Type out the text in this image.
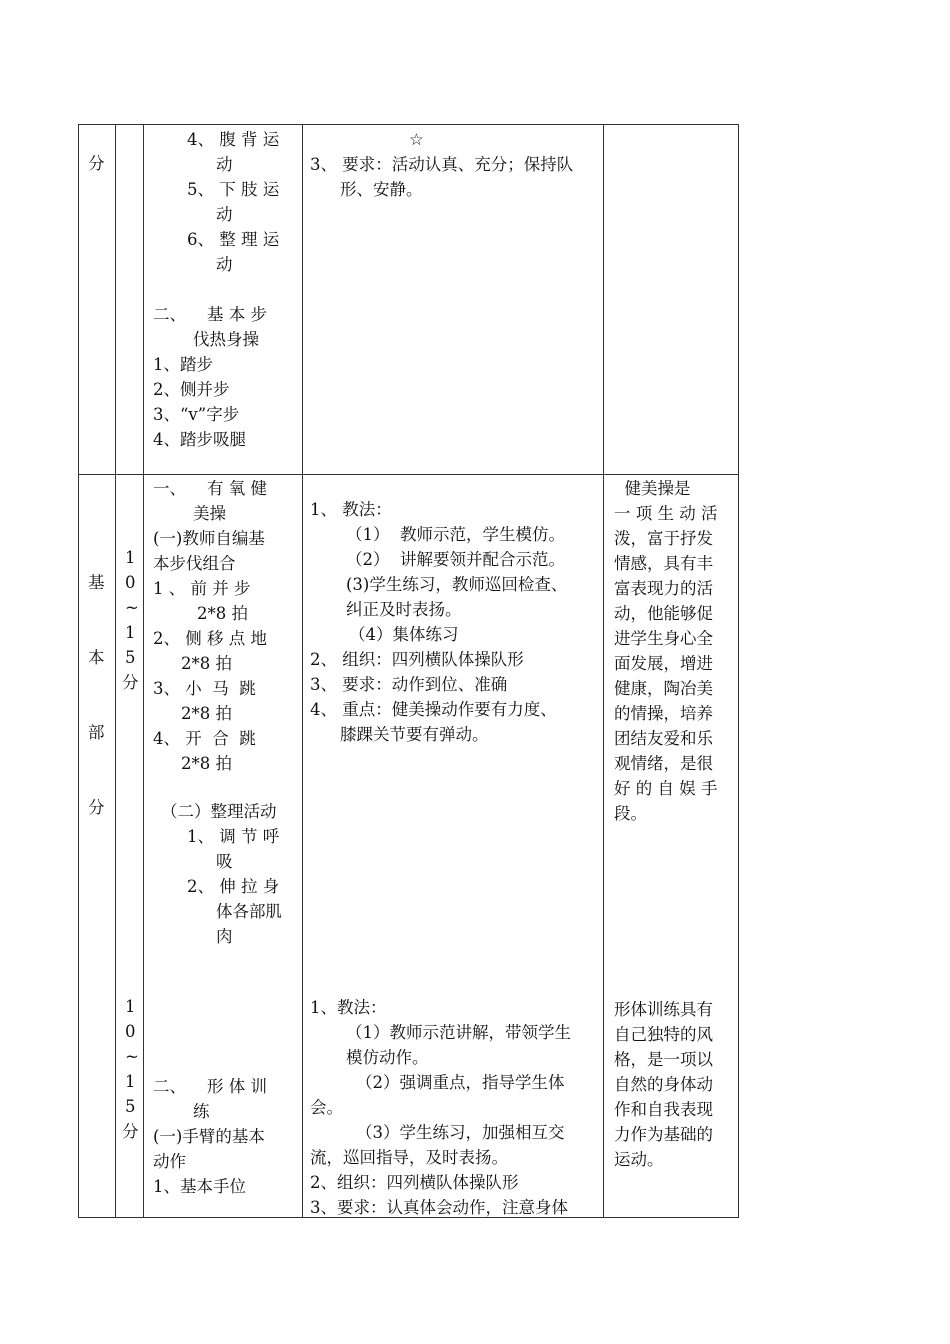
分
4、 腹 背 运
动
5、 下 肢 运
动
6、 整 理 运
动
二、    基 本 步
伐热身操
1、踏步
2、侧并步
3、“v”字步
4、踏步吸腿
☆
3、 要求：活动认真、充分；保持队
形、安静。
基
本
部
分
1
0
~
1
5
分
1
0
~
1
5
分
一、    有 氧 健
美操
(一)教师自编基
本步伐组合
1 、 前 并 步
2*8 拍
2、 侧 移 点 地
2*8 拍
3、 小  马  跳
2*8 拍
4、 开  合  跳
2*8 拍
（二）整理活动
1、 调 节 呼
吸
2、 伸 拉 身
体各部肌
肉
二、    形 体 训
练
(一)手臂的基本
动作
1、基本手位
1、 教法：
（1）  教师示范，学生模仿。
（2）  讲解要领并配合示范。
(3)学生练习，教师巡回检查、
纠正及时表扬。
（4）集体练习
2、 组织：四列横队体操队形
3、 要求：动作到位、准确
4、 重点：健美操动作要有力度、
膝踝关节要有弹动。
1、教法：
（1）教师示范讲解，带领学生
模仿动作。
（2）强调重点，指导学生体
会。
（3）学生练习，加强相互交
流，巡回指导，及时表扬。
2、组织：四列横队体操队形
3、要求：认真体会动作，注意身体
健美操是
一 项 生 动 活
泼，富于抒发
情感，具有丰
富表现力的活
动，他能够促
进学生身心全
面发展，增进
健康，陶冶美
的情操，培养
团结友爱和乐
观情绪，是很
好 的 自 娱 手
段。
形体训练具有
自己独特的风
格，是一项以
自然的身体动
作和自我表现
力作为基础的
运动。
